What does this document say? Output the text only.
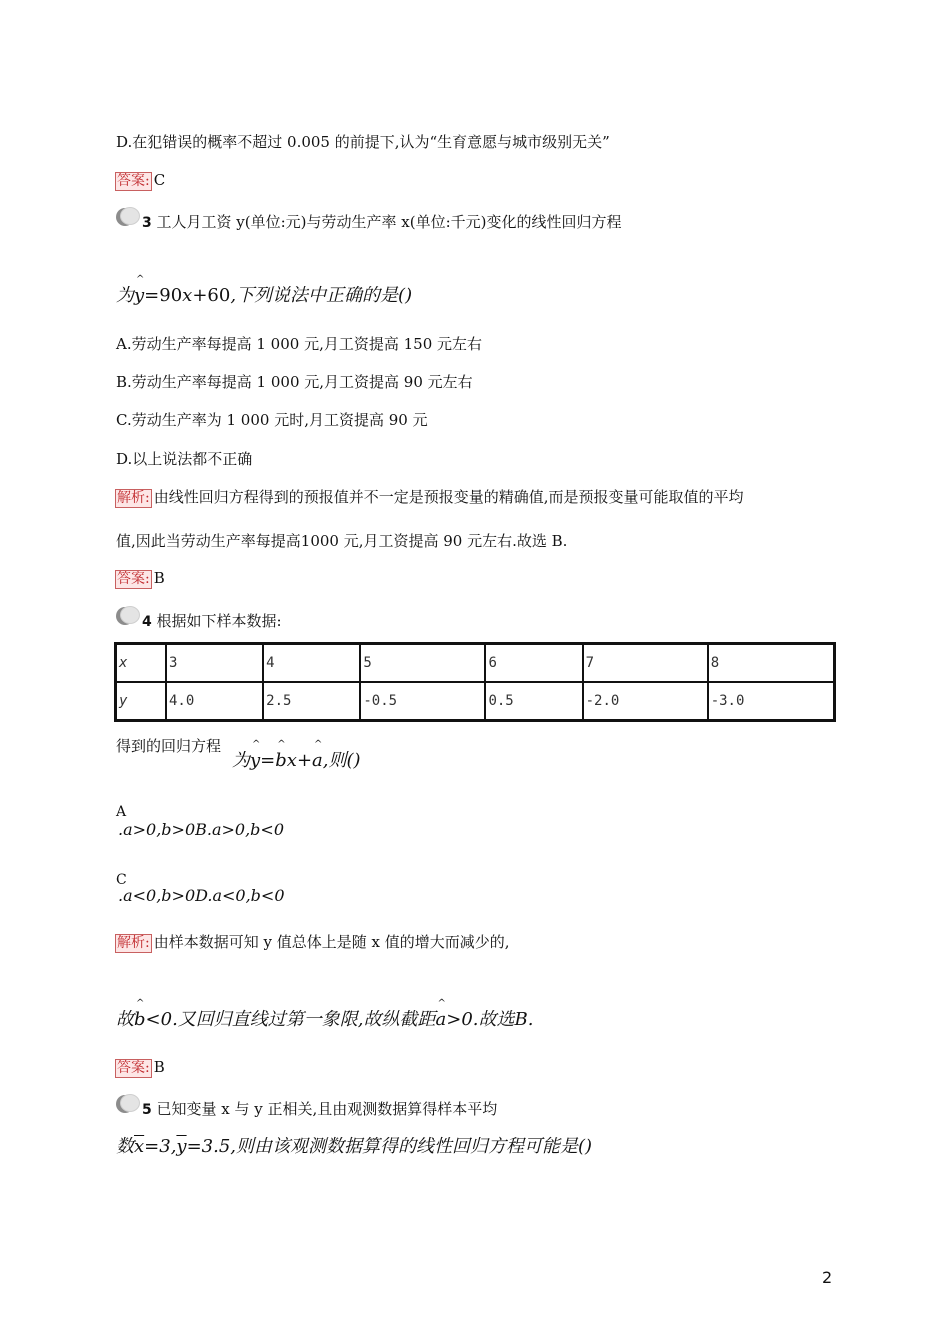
D.在犯错误的概率不超过 0.005 的前提下,认为“生育意愿与城市级别无关”
答案: C
3 工人月工资 y(单位:元)与劳动生产率 x(单位:千元)变化的线性回归方程
为^ y=90x+60,下列说法中正确的是()
A.劳动生产率每提高 1 000 元,月工资提高 150 元左右
B.劳动生产率每提高 1 000 元,月工资提高 90 元左右
C.劳动生产率为 1 000 元时,月工资提高 90 元
D.以上说法都不正确
解析: 由线性回归方程得到的预报值并不一定是预报变量的精确值,而是预报变量可能取值的平均
值,因此当劳动生产率每提高1000 元,月工资提高 90 元左右.故选 B.
答案: B
4 根据如下样本数据:
x	3	4	5	6	7	8
y	4.0	2.5	-0.5	0.5	-2.0	-3.0
得到的回归方程
为^ y=^ bx+^ a,则()
A
.a>0,b>0B.a>0,b<0
C
.a<0,b>0D.a<0,b<0
解析: 由样本数据可知 y 值总体上是随 x 值的增大而减少的,
故^ b<0.又回归直线过第一象限,故纵截距^ a>0.故选B.
答案: B
5 已知变量 x 与 y 正相关,且由观测数据算得样本平均
数$\overline{x}=3,\overline{y}=3.5$,则由该观测数据算得的线性回归方程可能是()
2
